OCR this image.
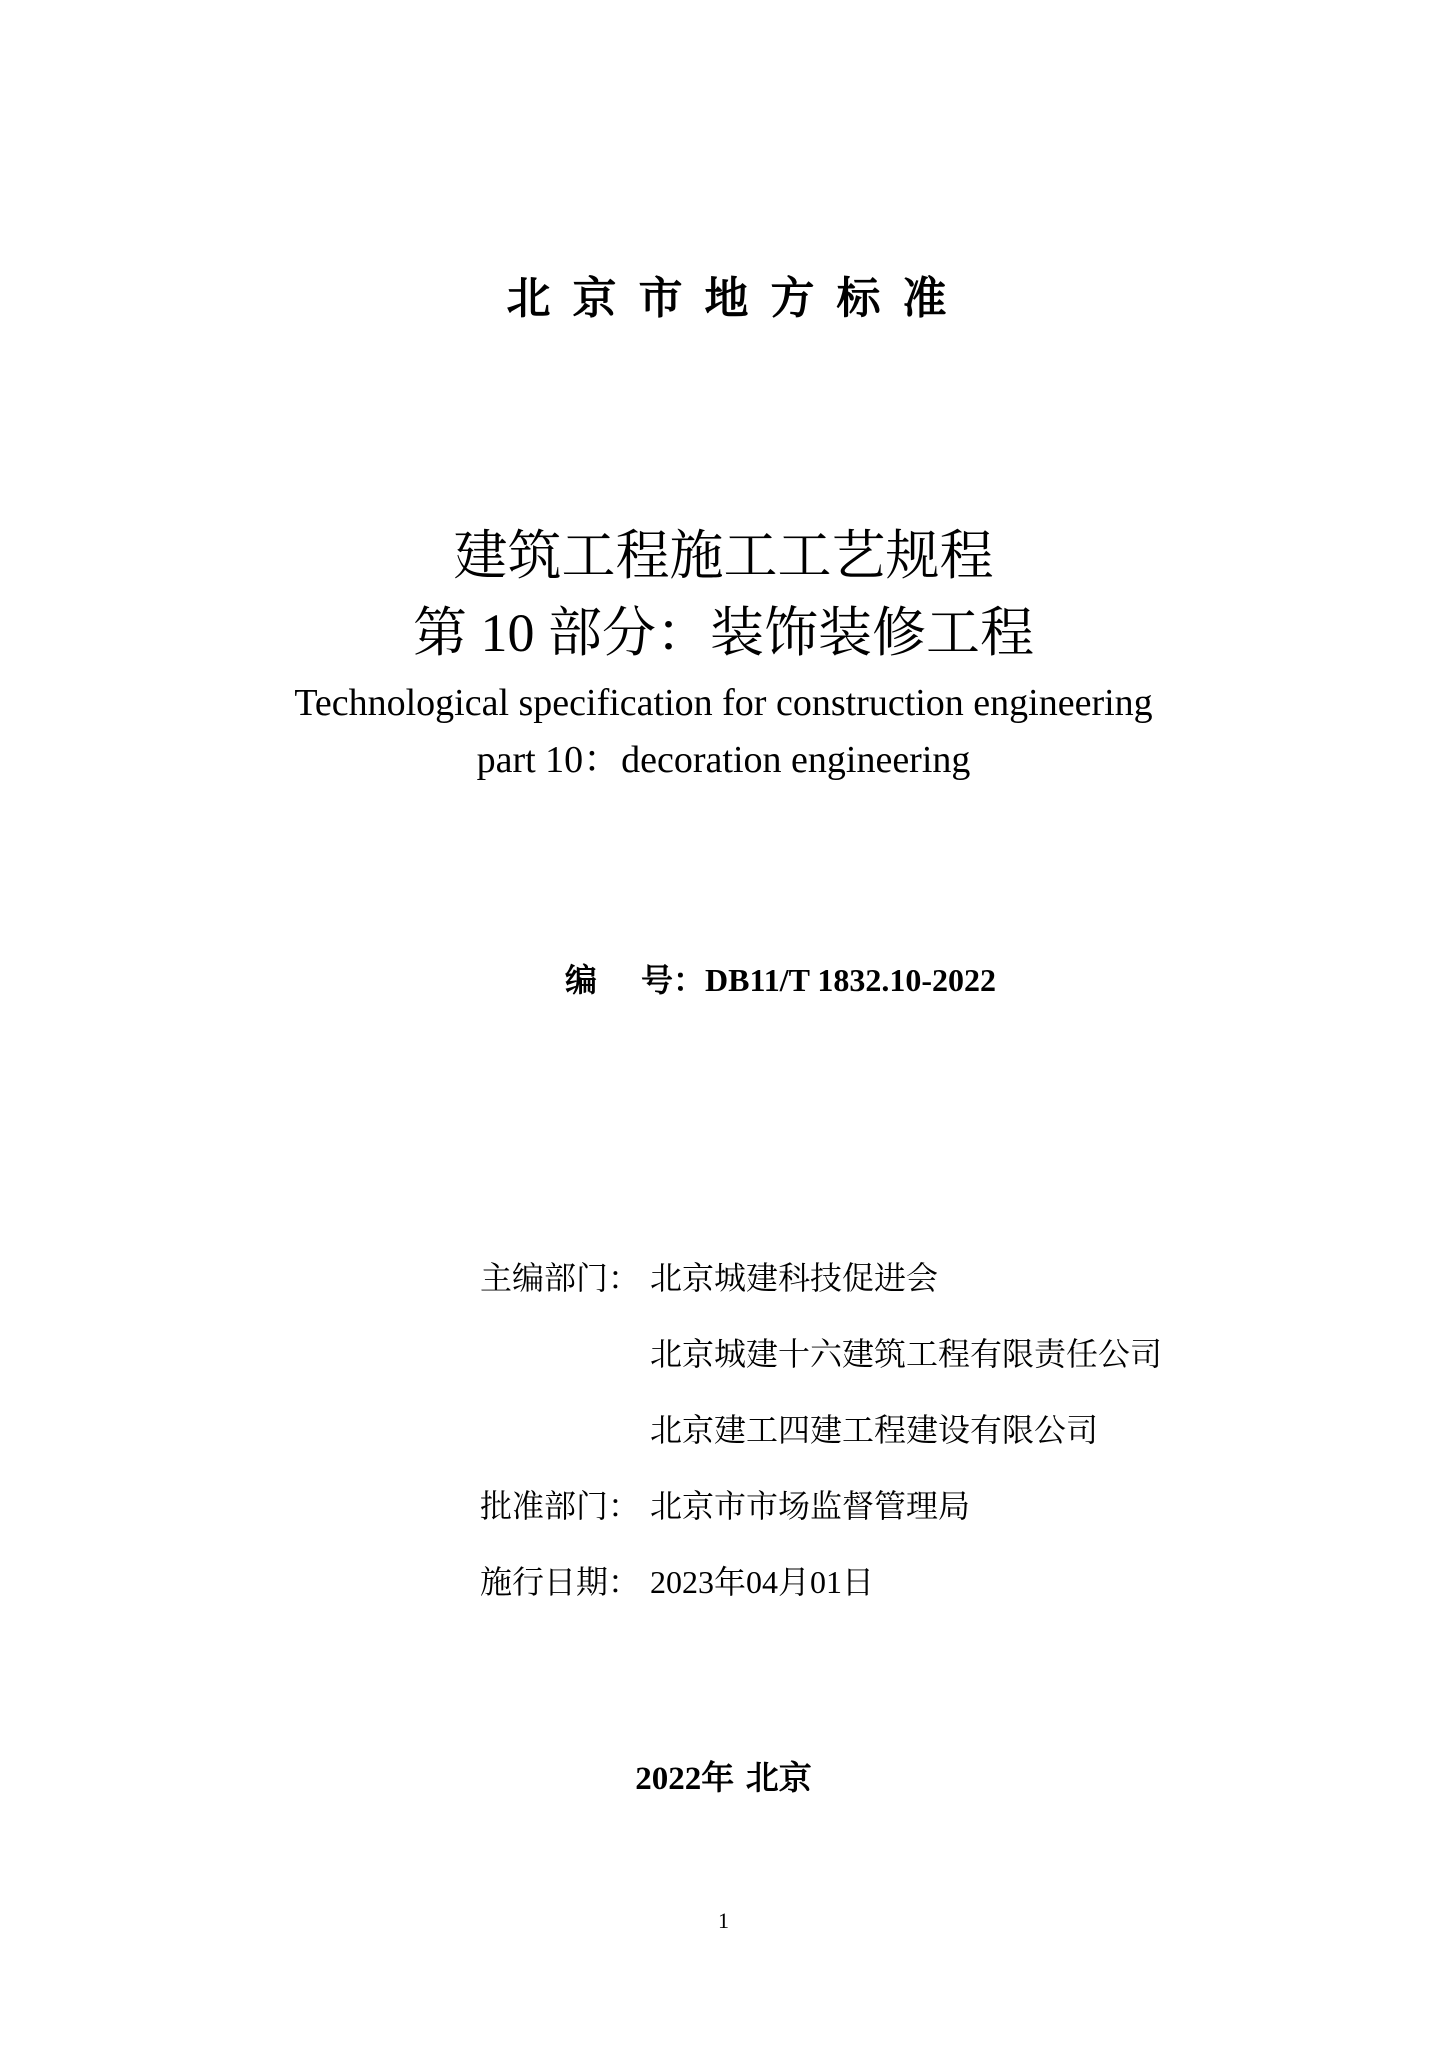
北京市地方标准
建筑工程施工工艺规程
第 10 部分：装饰装修工程
Technological specification for construction engineering
part 10：decoration engineering
编 号：DB11/T 1832.10-2022
主编部门： 北京城建科技促进会
北京城建十六建筑工程有限责任公司
北京建工四建工程建设有限公司
批准部门： 北京市市场监督管理局
施行日期： 2023年04月01日
2022年 北京
1
